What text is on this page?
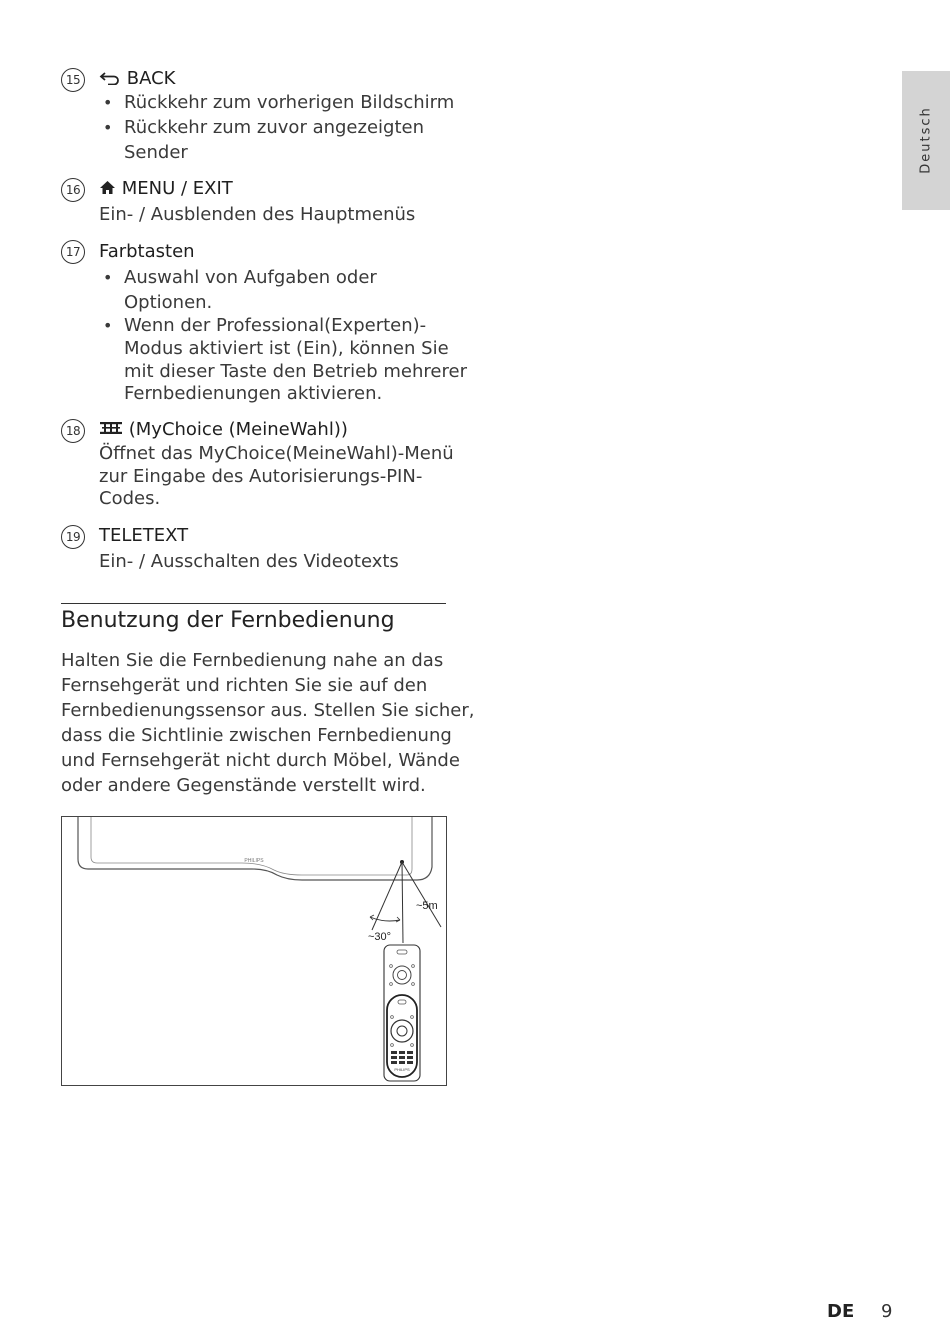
Deutsch
15	BACK
• Rückkehr zum vorherigen Bildschirm
• Rückkehr zum zuvor angezeigten
Sender
16	MENU / EXIT
Ein- / Ausblenden des Hauptmenüs
17 Farbtasten
• Auswahl von Aufgaben oder
Optionen.
• Wenn der Professional(Experten)-
Modus aktiviert ist (Ein), können Sie
mit dieser Taste den Betrieb mehrerer
Fernbedienungen aktivieren.
18	(MyChoice (MeineWahl))
Öffnet das MyChoice(MeineWahl)-Menü
zur Eingabe des Autorisierungs-PIN-
Codes.
19 TELETEXT
Ein- / Ausschalten des Videotexts
Benutzung der Fernbedienung
Halten Sie die Fernbedienung nahe an das
Fernsehgerät und richten Sie sie auf den
Fernbedienungssensor aus. Stellen Sie sicher,
dass die Sichtlinie zwischen Fernbedienung
und Fernsehgerät nicht durch Möbel, Wände
oder andere Gegenstände verstellt wird.
PHILIPS
~5m
~30°
PHILIPS
DE 9
